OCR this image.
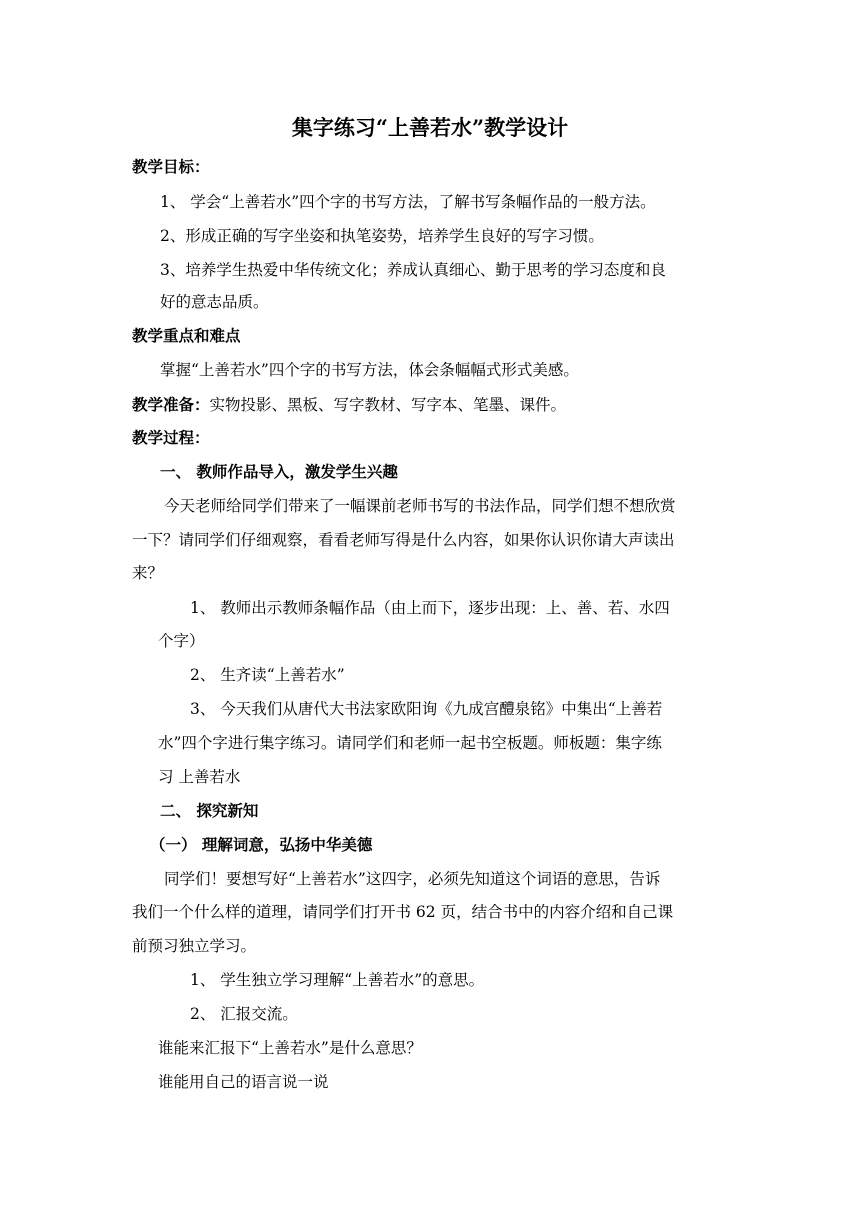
集字练习“上善若水”教学设计
教学目标：
1、 学会“上善若水”四个字的书写方法，了解书写条幅作品的一般方法。
2、形成正确的写字坐姿和执笔姿势，培养学生良好的写字习惯。
3、培养学生热爱中华传统文化；养成认真细心、勤于思考的学习态度和良
好的意志品质。
教学重点和难点
掌握“上善若水”四个字的书写方法，体会条幅幅式形式美感。
教学准备：实物投影、黑板、写字教材、写字本、笔墨、课件。
教学过程：
一、 教师作品导入，激发学生兴趣
今天老师给同学们带来了一幅课前老师书写的书法作品，同学们想不想欣赏
一下？请同学们仔细观察，看看老师写得是什么内容，如果你认识你请大声读出
来？
1、 教师出示教师条幅作品（由上而下，逐步出现：上、善、若、水四
个字）
2、 生齐读“上善若水”
3、 今天我们从唐代大书法家欧阳询《九成宫醴泉铭》中集出“上善若
水”四个字进行集字练习。请同学们和老师一起书空板题。师板题：集字练
习 上善若水
二、 探究新知
（一） 理解词意，弘扬中华美德
同学们！要想写好“上善若水”这四字，必须先知道这个词语的意思，告诉
我们一个什么样的道理，请同学们打开书 62 页，结合书中的内容介绍和自己课
前预习独立学习。
1、 学生独立学习理解“上善若水”的意思。
2、 汇报交流。
谁能来汇报下“上善若水”是什么意思？
谁能用自己的语言说一说
